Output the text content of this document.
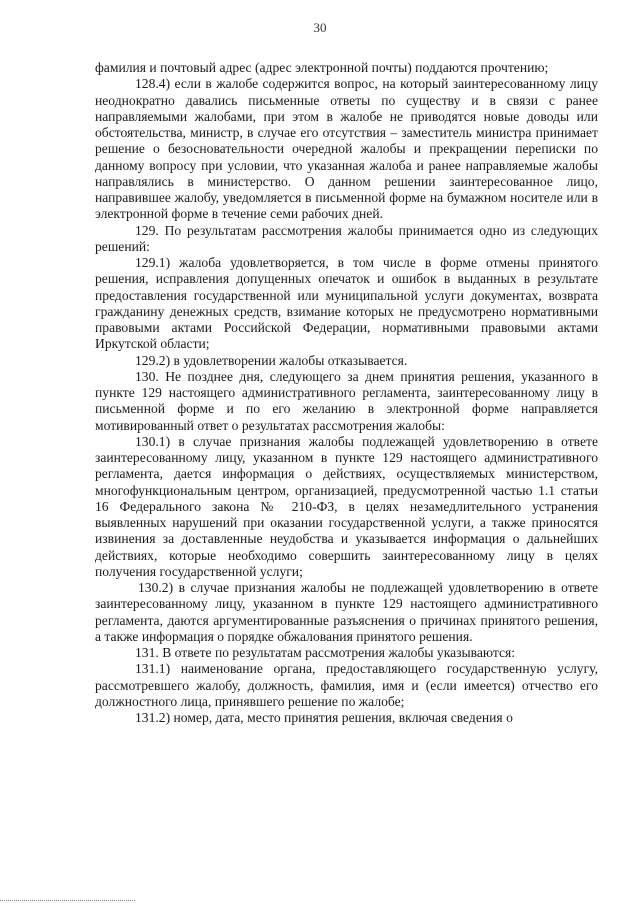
30

фамилия и почтовый адрес (адрес электронной почты) поддаются прочтению;

128.4) если в жалобе содержится вопрос, на который заинтересованному лицу неоднократно давались письменные ответы по существу и в связи с ранее направляемыми жалобами, при этом в жалобе не приводятся новые доводы или обстоятельства, министр, в случае его отсутствия – заместитель министра принимает решение о безосновательности очередной жалобы и прекращении переписки по данному вопросу при условии, что указанная жалоба и ранее направляемые жалобы направлялись в министерство. О данном решении заинтересованное лицо, направившее жалобу, уведомляется в письменной форме на бумажном носителе или в электронной форме в течение семи рабочих дней.

129. По результатам рассмотрения жалобы принимается одно из следующих решений:

129.1) жалоба удовлетворяется, в том числе в форме отмены принятого решения, исправления допущенных опечаток и ошибок в выданных в результате предоставления государственной или муниципальной услуги документах, возврата гражданину денежных средств, взимание которых не предусмотрено нормативными правовыми актами Российской Федерации, нормативными правовыми актами Иркутской области;

129.2) в удовлетворении жалобы отказывается.

130. Не позднее дня, следующего за днем принятия решения, указанного в пункте 129 настоящего административного регламента, заинтересованному лицу в письменной форме и по его желанию в электронной форме направляется мотивированный ответ о результатах рассмотрения жалобы:

130.1) в случае признания жалобы подлежащей удовлетворению в ответе заинтересованному лицу, указанном в пункте 129 настоящего административного регламента, дается информация о действиях, осуществляемых министерством, многофункциональным центром, организацией, предусмотренной частью 1.1 статьи 16 Федерального закона № 210-ФЗ, в целях незамедлительного устранения выявленных нарушений при оказании государственной услуги, а также приносятся извинения за доставленные неудобства и указывается информация о дальнейших действиях, которые необходимо совершить заинтересованному лицу в целях получения государственной услуги;

130.2) в случае признания жалобы не подлежащей удовлетворению в ответе заинтересованному лицу, указанном в пункте 129 настоящего административного регламента, даются аргументированные разъяснения о причинах принятого решения, а также информация о порядке обжалования принятого решения.

131. В ответе по результатам рассмотрения жалобы указываются:

131.1) наименование органа, предоставляющего государственную услугу, рассмотревшего жалобу, должность, фамилия, имя и (если имеется) отчество его должностного лица, принявшего решение по жалобе;

131.2) номер, дата, место принятия решения, включая сведения о
